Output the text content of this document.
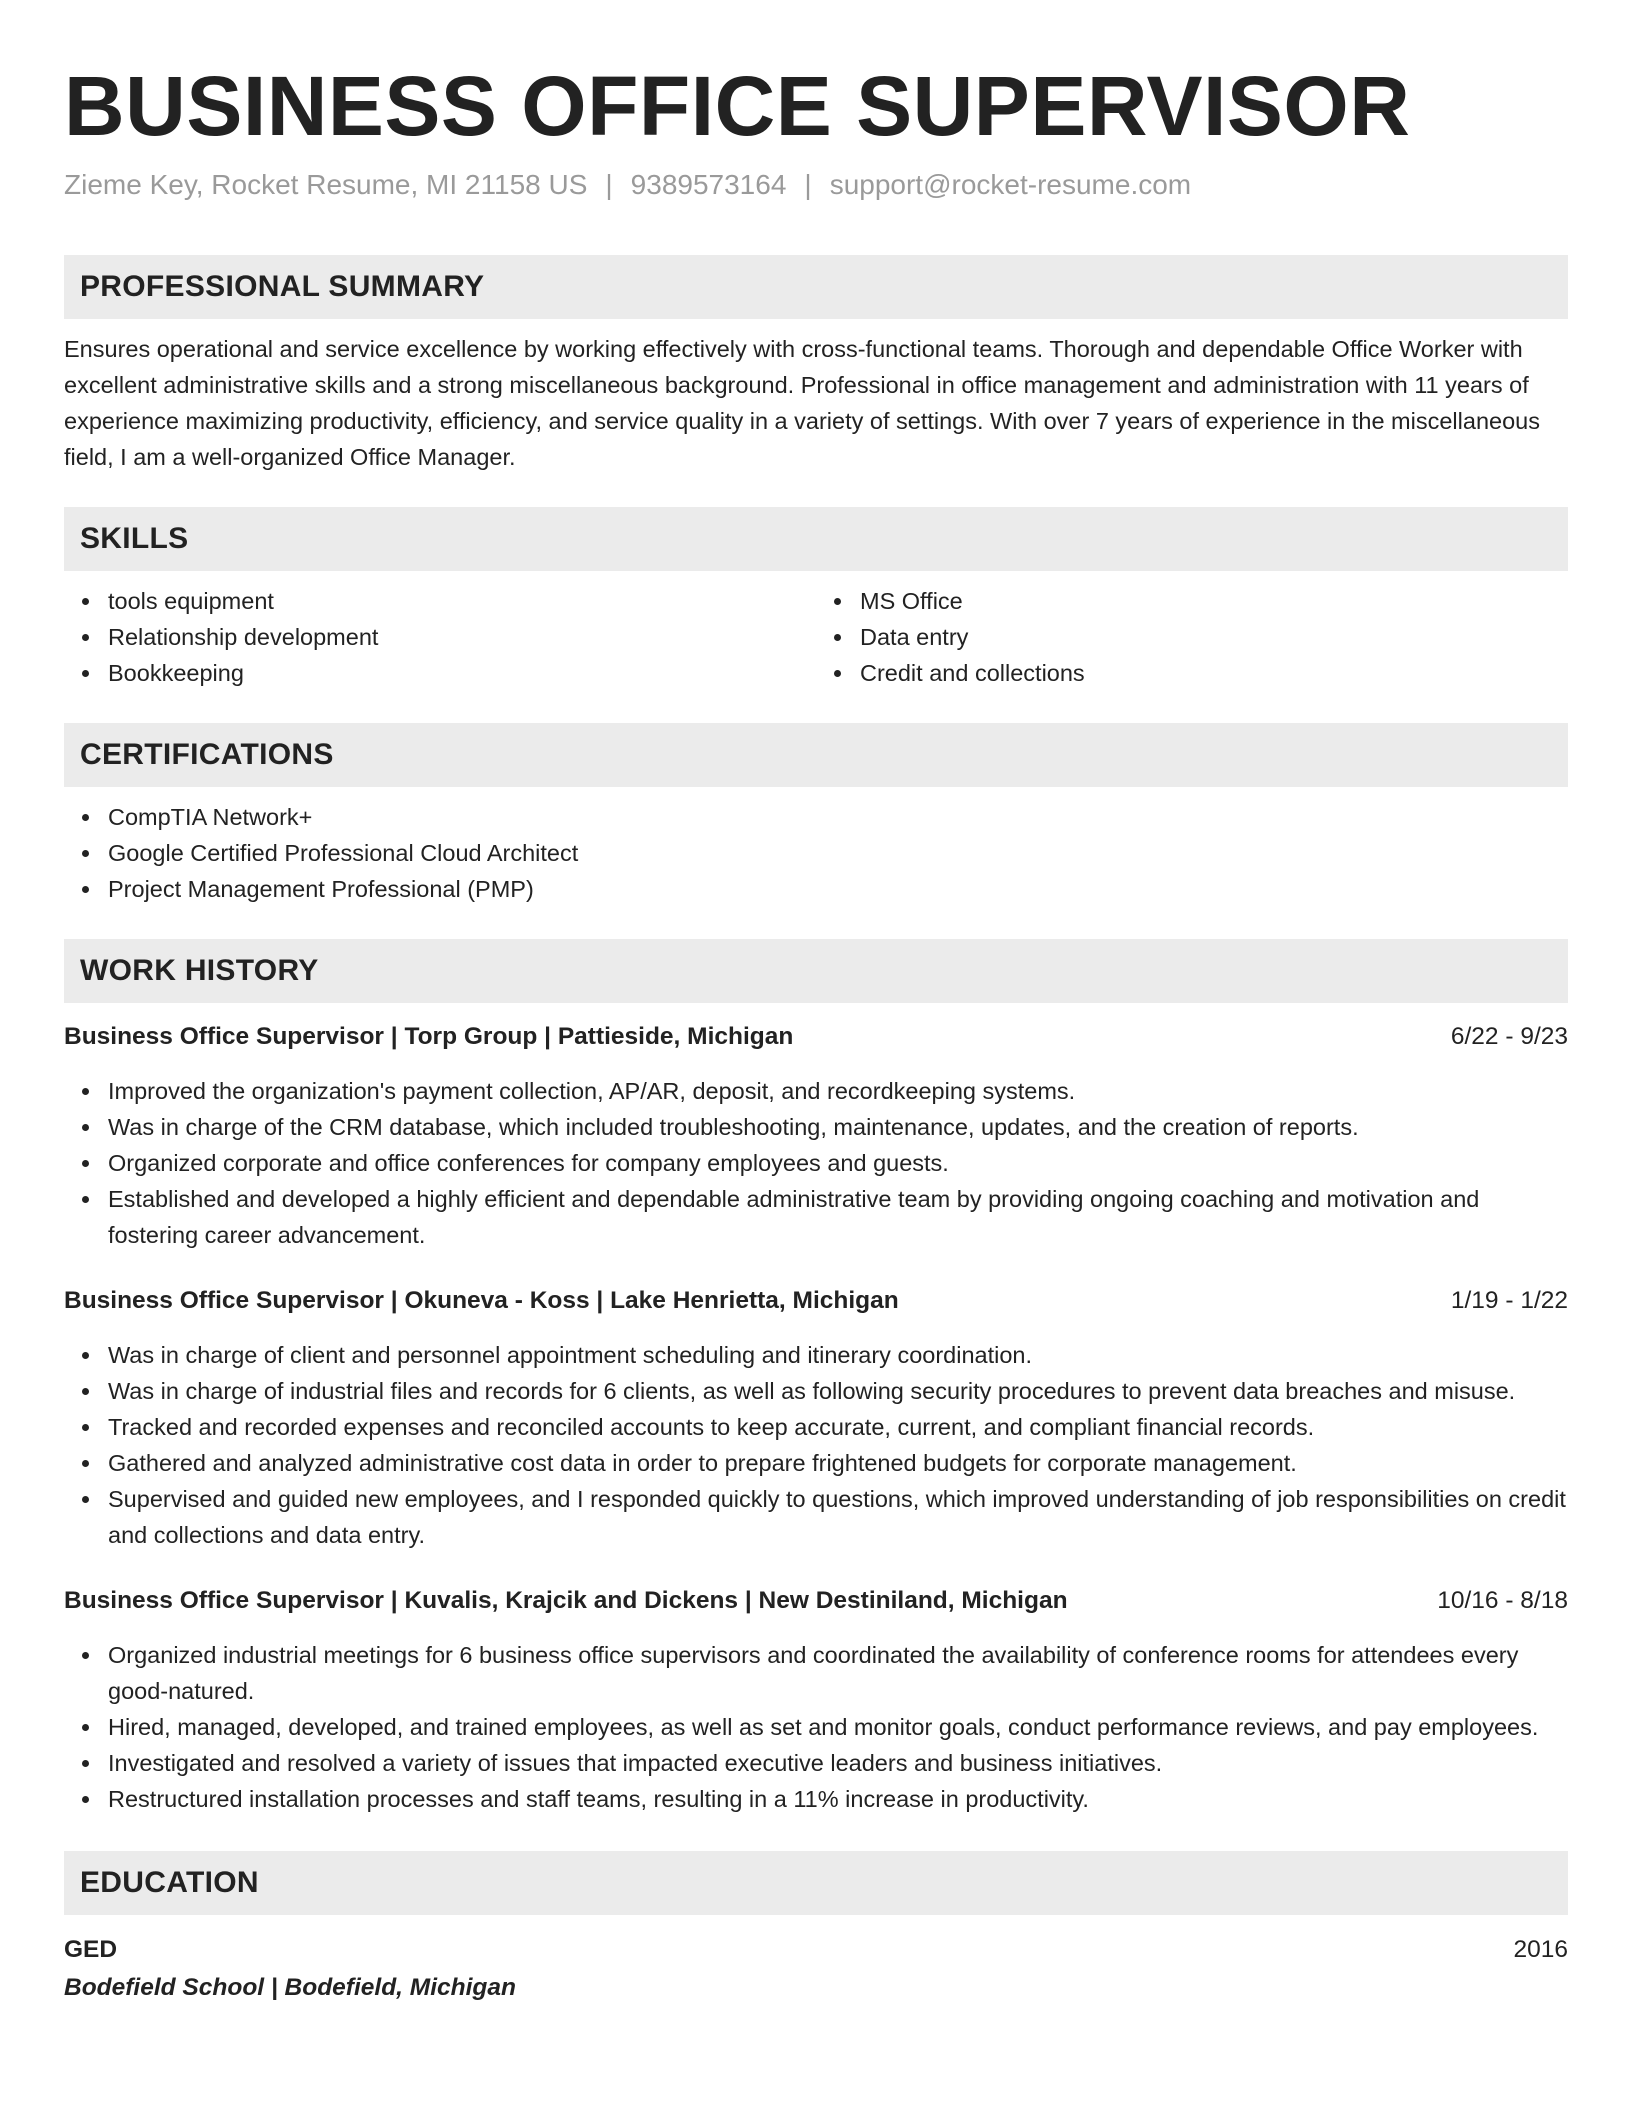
BUSINESS OFFICE SUPERVISOR
Zieme Key, Rocket Resume, MI 21158 US | 9389573164 | support@rocket-resume.com
PROFESSIONAL SUMMARY

Ensures operational and service excellence by working effectively with cross-functional teams. Thorough and dependable Office Worker with excellent administrative skills and a strong miscellaneous background. Professional in office management and administration with 11 years of experience maximizing productivity, efficiency, and service quality in a variety of settings. With over 7 years of experience in the miscellaneous field, I am a well-organized Office Manager.

SKILLS
tools equipment
Relationship development
Bookkeeping
MS Office
Data entry
Credit and collections
CERTIFICATIONS
CompTIA Network+
Google Certified Professional Cloud Architect
Project Management Professional (PMP)
WORK HISTORY
Business Office Supervisor | Torp Group | Pattieside, Michigan	6/22 - 9/23
Improved the organization's payment collection, AP/AR, deposit, and recordkeeping systems.
Was in charge of the CRM database, which included troubleshooting, maintenance, updates, and the creation of reports.
Organized corporate and office conferences for company employees and guests.
Established and developed a highly efficient and dependable administrative team by providing ongoing coaching and motivation and fostering career advancement.
Business Office Supervisor | Okuneva - Koss | Lake Henrietta, Michigan	1/19 - 1/22
Was in charge of client and personnel appointment scheduling and itinerary coordination.
Was in charge of industrial files and records for 6 clients, as well as following security procedures to prevent data breaches and misuse.
Tracked and recorded expenses and reconciled accounts to keep accurate, current, and compliant financial records.
Gathered and analyzed administrative cost data in order to prepare frightened budgets for corporate management.
Supervised and guided new employees, and I responded quickly to questions, which improved understanding of job responsibilities on credit and collections and data entry.
Business Office Supervisor | Kuvalis, Krajcik and Dickens | New Destiniland, Michigan	10/16 - 8/18
Organized industrial meetings for 6 business office supervisors and coordinated the availability of conference rooms for attendees every good-natured.
Hired, managed, developed, and trained employees, as well as set and monitor goals, conduct performance reviews, and pay employees.
Investigated and resolved a variety of issues that impacted executive leaders and business initiatives.
Restructured installation processes and staff teams, resulting in a 11% increase in productivity.
EDUCATION
GED	2016
Bodefield School | Bodefield, Michigan
